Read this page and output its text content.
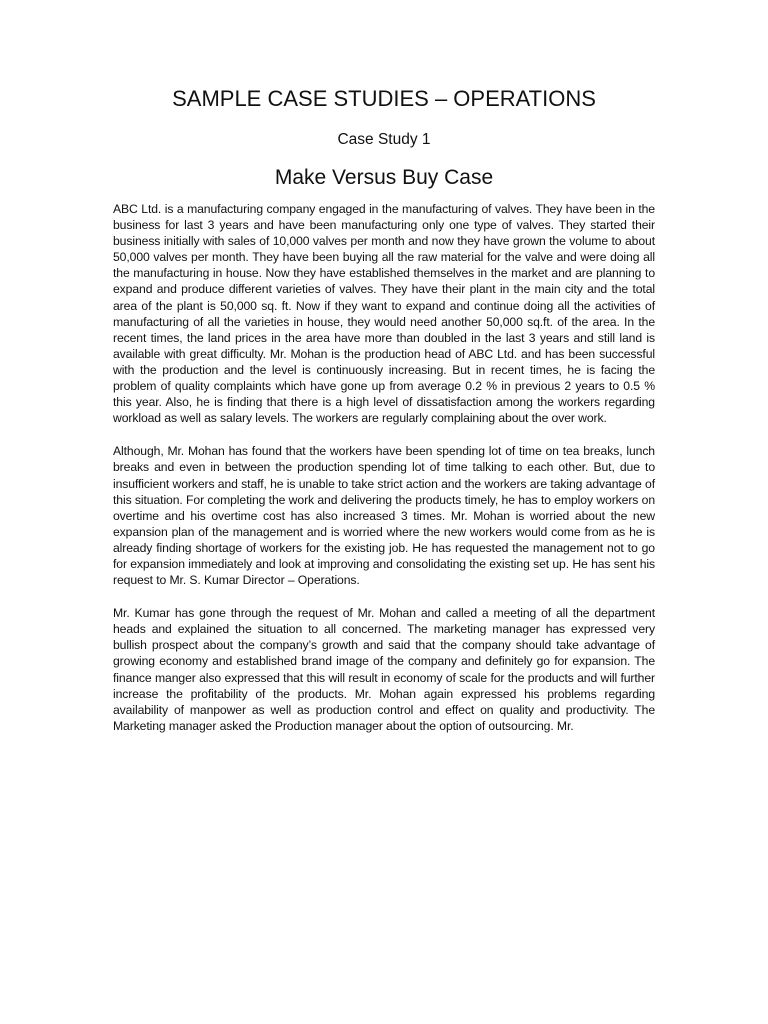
SAMPLE CASE STUDIES – OPERATIONS
Case Study 1
Make Versus Buy Case

ABC Ltd. is a manufacturing company engaged in the manufacturing of valves. They have been in the business for last 3 years and have been manufacturing only one type of valves. They started their business initially with sales of 10,000 valves per month and now they have grown the volume to about 50,000 valves per month. They have been buying all the raw material for the valve and were doing all the manufacturing in house. Now they have established themselves in the market and are planning to expand and produce different varieties of valves. They have their plant in the main city and the total area of the plant is 50,000 sq. ft. Now if they want to expand and continue doing all the activities of manufacturing of all the varieties in house, they would need another 50,000 sq.ft. of the area. In the recent times, the land prices in the area have more than doubled in the last 3 years and still land is available with great difficulty. Mr. Mohan is the production head of ABC Ltd. and has been successful with the production and the level is continuously increasing. But in recent times, he is facing the problem of quality complaints which have gone up from average 0.2 % in previous 2 years to 0.5 % this year. Also, he is finding that there is a high level of dissatisfaction among the workers regarding workload as well as salary levels. The workers are regularly complaining about the over work.

Although, Mr. Mohan has found that the workers have been spending lot of time on tea breaks, lunch breaks and even in between the production spending lot of time talking to each other. But, due to insufficient workers and staff, he is unable to take strict action and the workers are taking advantage of this situation. For completing the work and delivering the products timely, he has to employ workers on overtime and his overtime cost has also increased 3 times. Mr. Mohan is worried about the new expansion plan of the management and is worried where the new workers would come from as he is already finding shortage of workers for the existing job. He has requested the management not to go for expansion immediately and look at improving and consolidating the existing set up. He has sent his request to Mr. S. Kumar Director – Operations.

Mr. Kumar has gone through the request of Mr. Mohan and called a meeting of all the department heads and explained the situation to all concerned. The marketing manager has expressed very bullish prospect about the company’s growth and said that the company should take advantage of growing economy and established brand image of the company and definitely go for expansion. The finance manger also expressed that this will result in economy of scale for the products and will further increase the profitability of the products. Mr. Mohan again expressed his problems regarding availability of manpower as well as production control and effect on quality and productivity. The Marketing manager asked the Production manager about the option of outsourcing. Mr.
